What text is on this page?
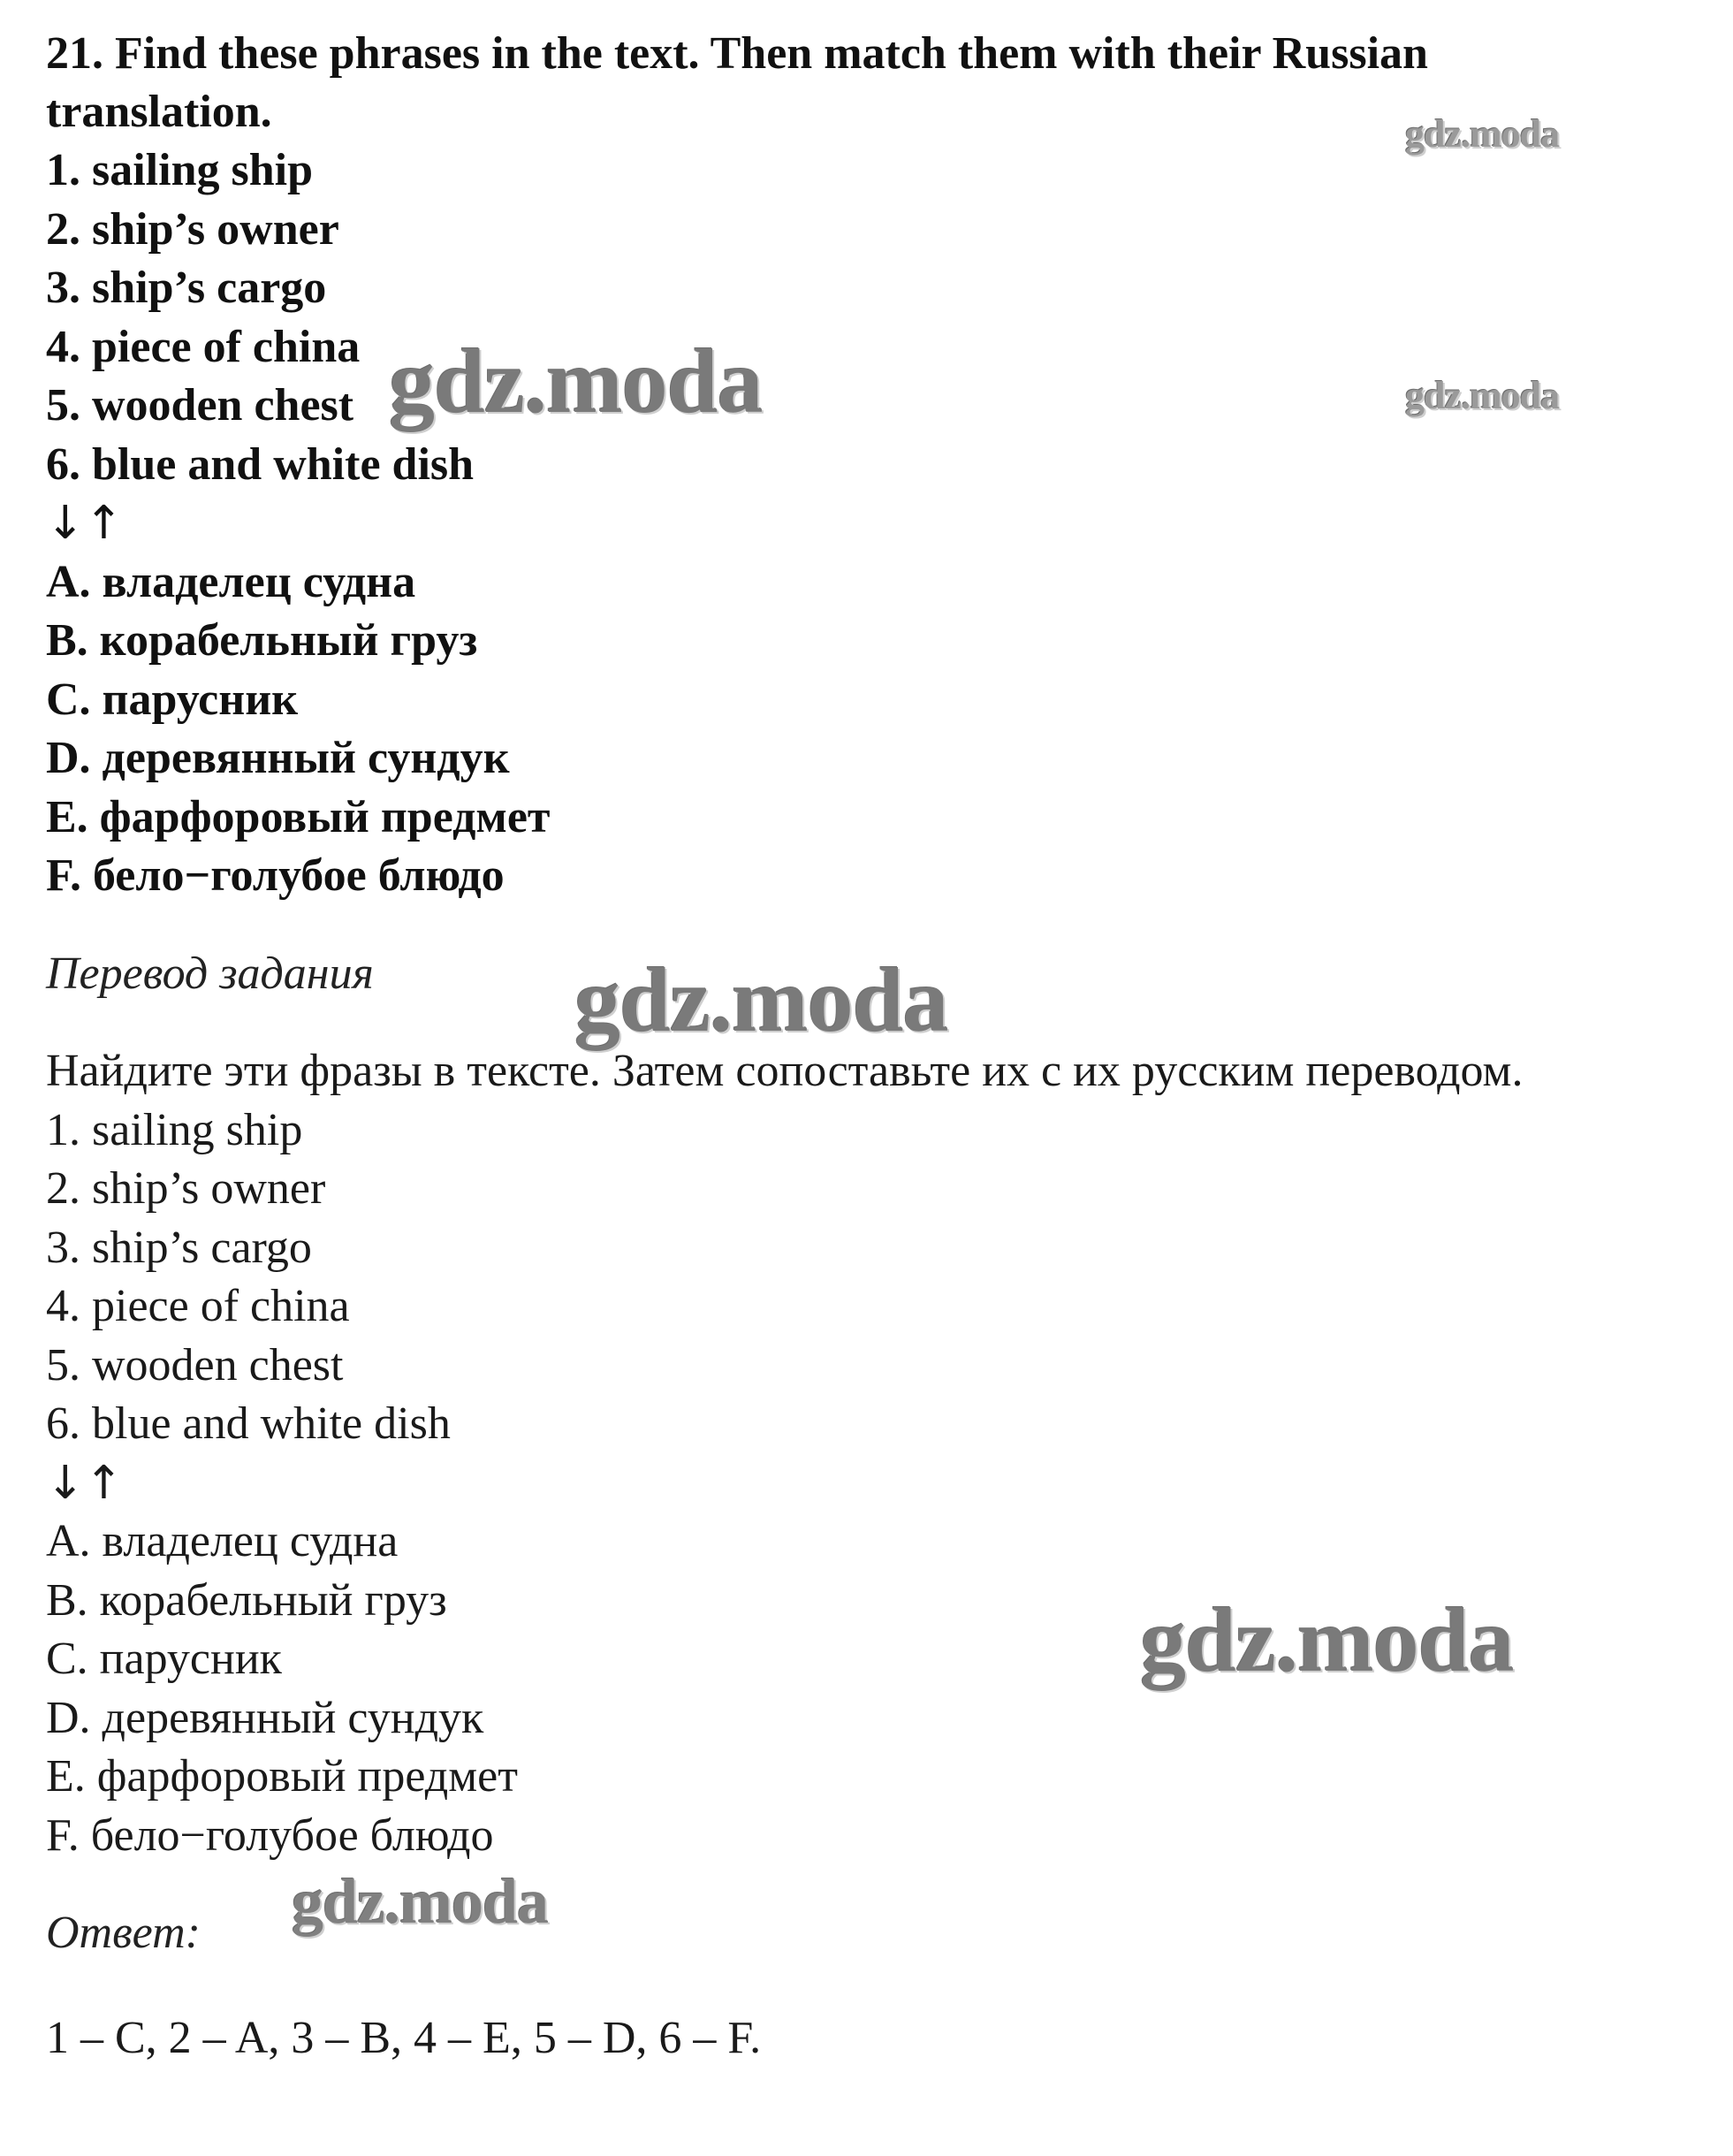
21. Find these phrases in the text. Then match them with their Russian
translation.
1. sailing ship
2. ship’s owner
3. ship’s cargo
4. piece of china
5. wooden chest
6. blue and white dish
↓↑
A. владелец судна
B. корабельный груз
C. парусник
D. деревянный сундук
E. фарфоровый предмет
F. бело−голубое блюдо
Перевод задания
Найдите эти фразы в тексте. Затем сопоставьте их с их русским переводом.
1. sailing ship
2. ship’s owner
3. ship’s cargo
4. piece of china
5. wooden chest
6. blue and white dish
↓↑
A. владелец судна
B. корабельный груз
C. парусник
D. деревянный сундук
E. фарфоровый предмет
F. бело−голубое блюдо
Ответ:
1 – C, 2 – A, 3 – B, 4 – E, 5 – D, 6 – F.
gdz.moda
gdz.moda	gdz.moda
gdz.moda
gdz.moda
gdz.moda
